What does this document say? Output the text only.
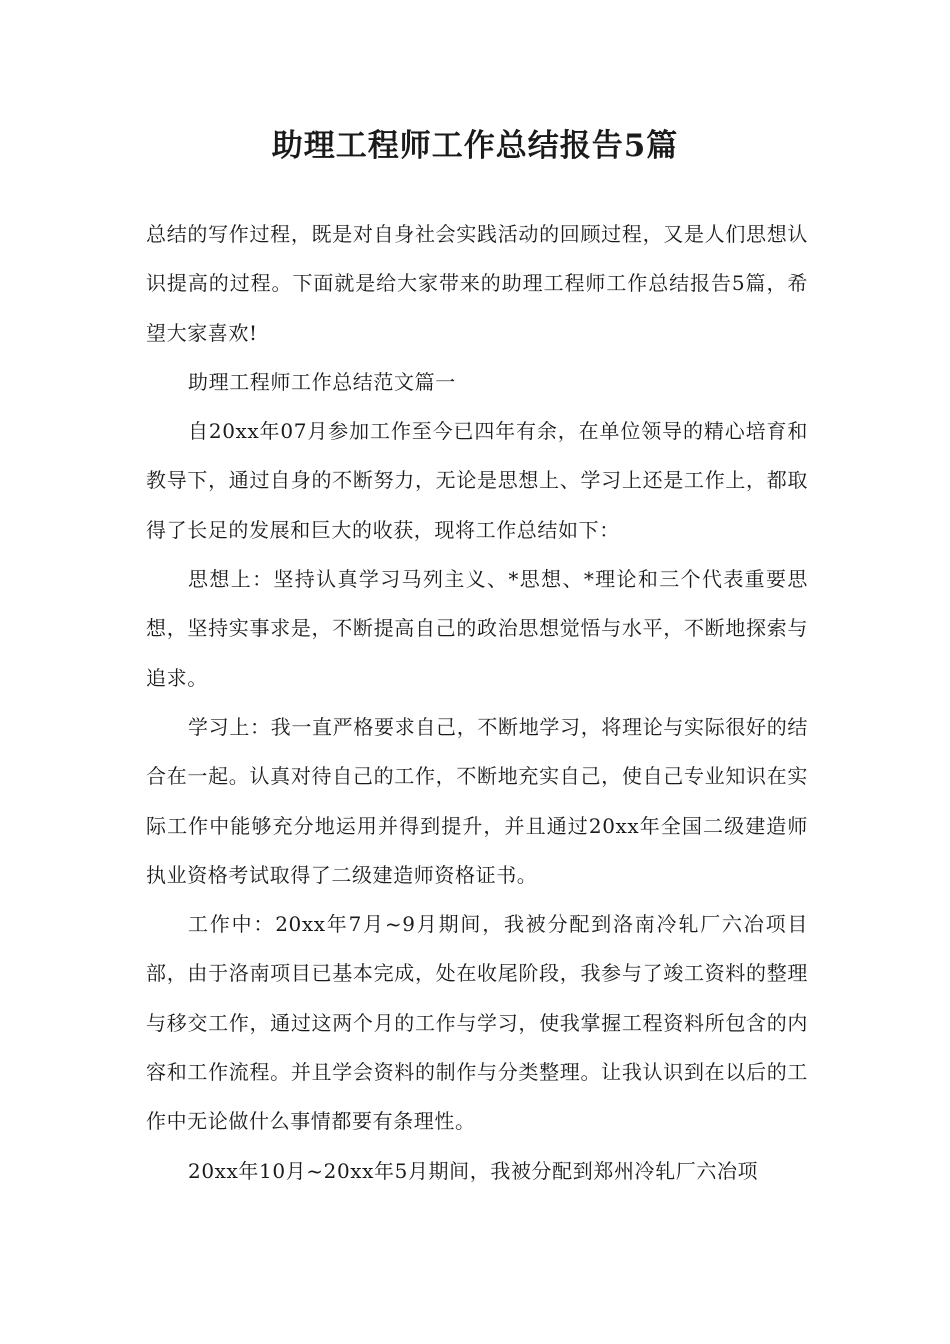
助理工程师工作总结报告5篇

总结的写作过程，既是对自身社会实践活动的回顾过程，又是人们思想认识提高的过程。下面就是给大家带来的助理工程师工作总结报告5篇，希望大家喜欢!

助理工程师工作总结范文篇一

自20xx年07月参加工作至今已四年有余，在单位领导的精心培育和教导下，通过自身的不断努力，无论是思想上、学习上还是工作上，都取得了长足的发展和巨大的收获，现将工作总结如下：

思想上：坚持认真学习马列主义、*思想、*理论和三个代表重要思想，坚持实事求是，不断提高自己的政治思想觉悟与水平，不断地探索与追求。

学习上：我一直严格要求自己，不断地学习，将理论与实际很好的结合在一起。认真对待自己的工作，不断地充实自己，使自己专业知识在实际工作中能够充分地运用并得到提升，并且通过20xx年全国二级建造师执业资格考试取得了二级建造师资格证书。

工作中：20xx年7月~9月期间，我被分配到洛南冷轧厂六冶项目部，由于洛南项目已基本完成，处在收尾阶段，我参与了竣工资料的整理与移交工作，通过这两个月的工作与学习，使我掌握工程资料所包含的内容和工作流程。并且学会资料的制作与分类整理。让我认识到在以后的工作中无论做什么事情都要有条理性。

20xx年10月~20xx年5月期间，我被分配到郑州冷轧厂六冶项
